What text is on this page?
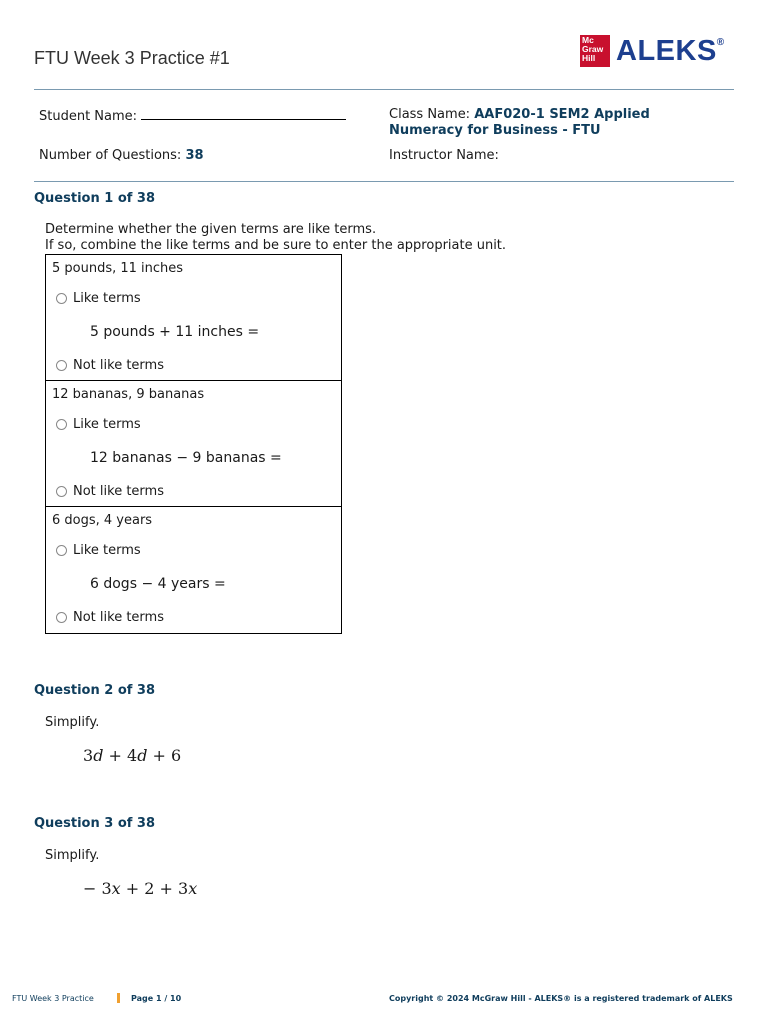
FTU Week 3 Practice #1
Mc
Graw
Hill ALEKS®
Student Name:	Class Name: AAF020-1 SEM2 Applied
Numeracy for Business - FTU
Number of Questions: 38	Instructor Name:
Question 1 of 38
Determine whether the given terms are like terms.
If so, combine the like terms and be sure to enter the appropriate unit.
5 pounds, 11 inches
Like terms
5 pounds + 11 inches =
Not like terms
12 bananas, 9 bananas
Like terms
12 bananas − 9 bananas =
Not like terms
6 dogs, 4 years
Like terms
6 dogs − 4 years =
Not like terms
Question 2 of 38
Simplify.
3d + 4d + 6
Question 3 of 38
Simplify.
− 3x + 2 + 3x
FTU Week 3 Practice	Page 1 / 10	Copyright © 2024 McGraw Hill - ALEKS® is a registered trademark of ALEKS
